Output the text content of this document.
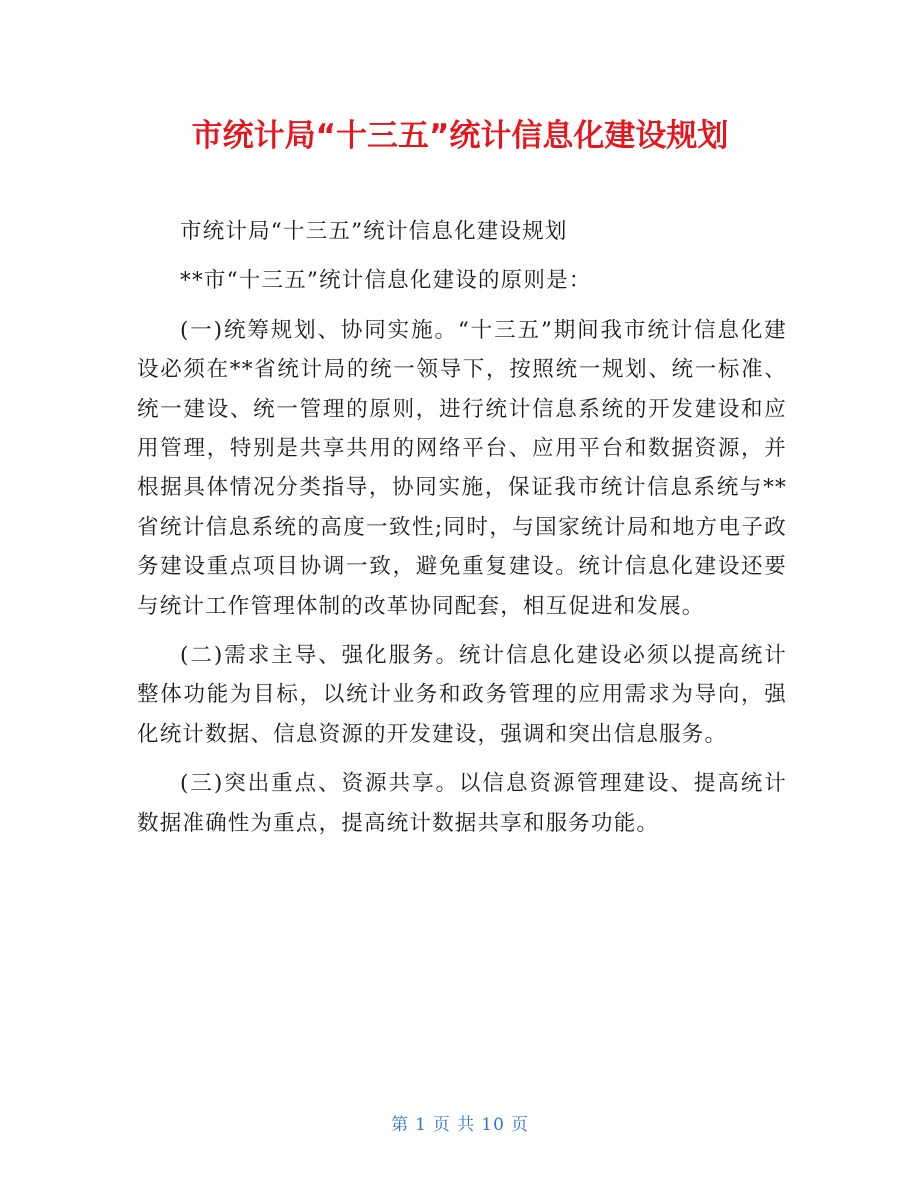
市统计局“十三五”统计信息化建设规划

市统计局“十三五”统计信息化建设规划

**市“十三五”统计信息化建设的原则是：

(一)统筹规划、协同实施。“十三五”期间我市统计信息化建设必须在**省统计局的统一领导下，按照统一规划、统一标准、统一建设、统一管理的原则，进行统计信息系统的开发建设和应用管理，特别是共享共用的网络平台、应用平台和数据资源，并根据具体情况分类指导，协同实施，保证我市统计信息系统与**省统计信息系统的高度一致性;同时，与国家统计局和地方电子政务建设重点项目协调一致，避免重复建设。统计信息化建设还要与统计工作管理体制的改革协同配套，相互促进和发展。

(二)需求主导、强化服务。统计信息化建设必须以提高统计整体功能为目标，以统计业务和政务管理的应用需求为导向，强化统计数据、信息资源的开发建设，强调和突出信息服务。

(三)突出重点、资源共享。以信息资源管理建设、提高统计数据准确性为重点，提高统计数据共享和服务功能。

第 1 页 共 10 页
